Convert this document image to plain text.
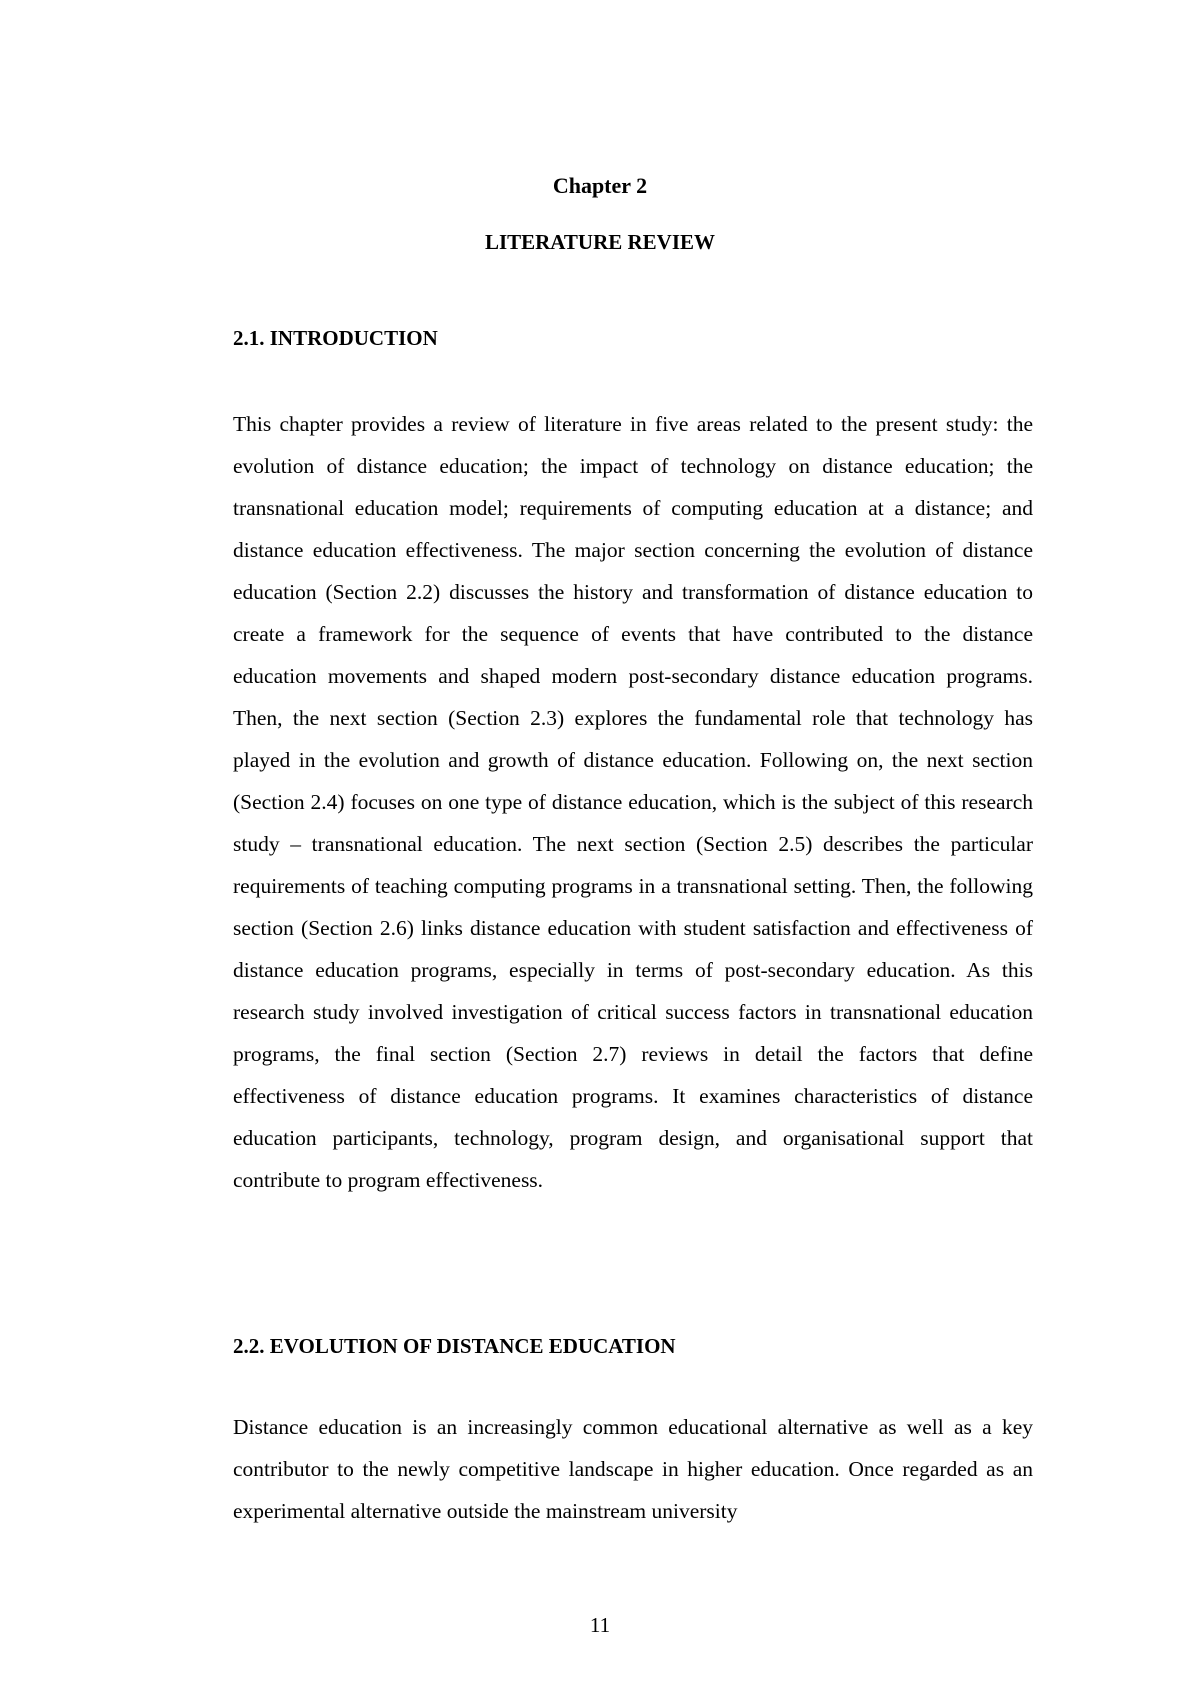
Chapter 2
LITERATURE REVIEW
2.1. INTRODUCTION

This chapter provides a review of literature in five areas related to the present study: the evolution of distance education; the impact of technology on distance education; the transnational education model; requirements of computing education at a distance; and distance education effectiveness. The major section concerning the evolution of distance education (Section 2.2) discusses the history and transformation of distance education to create a framework for the sequence of events that have contributed to the distance education movements and shaped modern post-secondary distance education programs. Then, the next section (Section 2.3) explores the fundamental role that technology has played in the evolution and growth of distance education. Following on, the next section (Section 2.4) focuses on one type of distance education, which is the subject of this research study – transnational education. The next section (Section 2.5) describes the particular requirements of teaching computing programs in a transnational setting. Then, the following section (Section 2.6) links distance education with student satisfaction and effectiveness of distance education programs, especially in terms of post-secondary education. As this research study involved investigation of critical success factors in transnational education programs, the final section (Section 2.7) reviews in detail the factors that define effectiveness of distance education programs. It examines characteristics of distance education participants, technology, program design, and organisational support that contribute to program effectiveness.

2.2. EVOLUTION OF DISTANCE EDUCATION

Distance education is an increasingly common educational alternative as well as a key contributor to the newly competitive landscape in higher education. Once regarded as an experimental alternative outside the mainstream university

11
